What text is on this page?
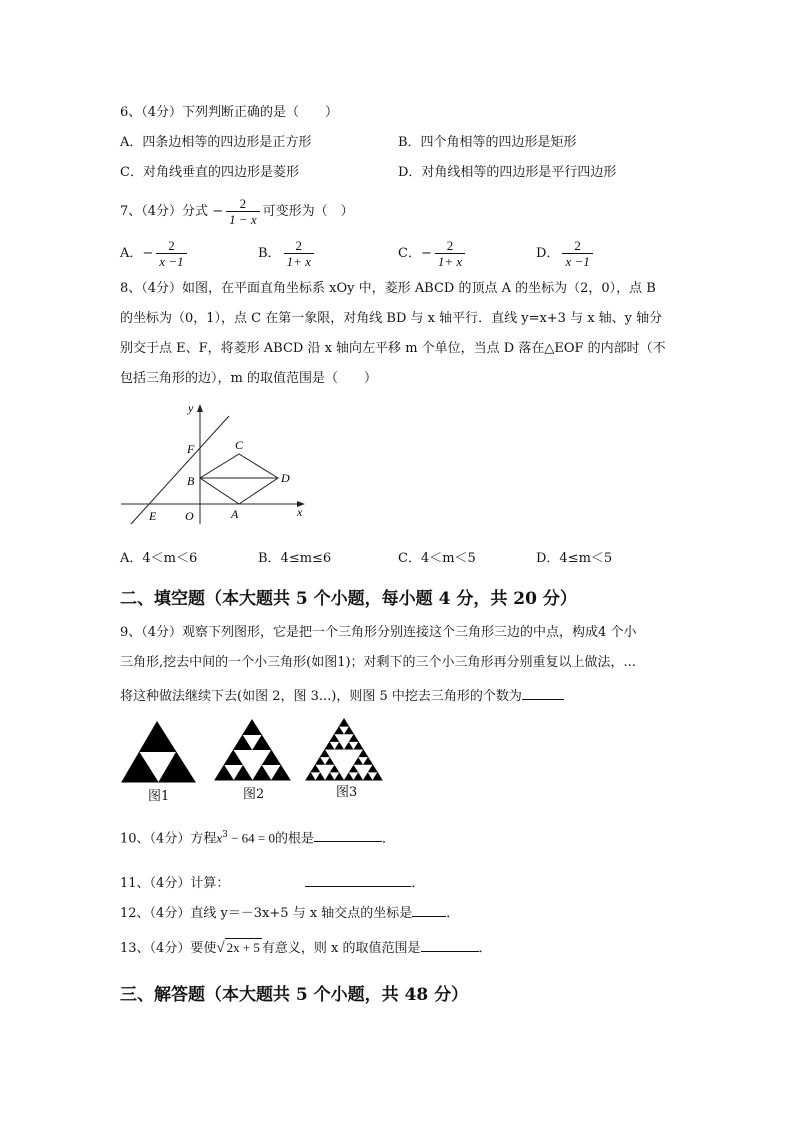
6、（4分）下列判断正确的是（　　）
A．四条边相等的四边形是正方形	B．四个角相等的四边形是矩形
C．对角线垂直的四边形是菱形	D．对角线相等的四边形是平行四边形
7、（4分）分式 − $\frac{2}{1 - x}$ 可变形为（　）
A．− $\frac{2}{x -1}$	B． $\frac{2}{1+ x}$	C．− $\frac{2}{1+ x}$	D． $\frac{2}{x -1}$
8、（4分）如图，在平面直角坐标系 xOy 中，菱形 ABCD 的顶点 A 的坐标为（2，0），点 B
的坐标为（0，1），点 C 在第一象限，对角线 BD 与 x 轴平行．直线 y=x+3 与 x 轴、y 轴分
别交于点 E、F，将菱形 ABCD 沿 x 轴向左平移 m 个单位，当点 D 落在△EOF 的内部时（不
包括三角形的边），m 的取值范围是（　　）
y
x
F	C
B	D
E O	A
A．4＜m＜6	B．4≤m≤6	C．4＜m＜5	D．4≤m＜5
二、填空题（本大题共 5 个小题，每小题 4 分，共 20 分）
9、（4分）观察下列图形，它是把一个三角形分别连接这个三角形三边的中点，构成4 个小
三角形,挖去中间的一个小三角形(如图1)；对剩下的三个小三角形再分别重复以上做法，...
将这种做法继续下去(如图 2，图 3...)，则图 5 中挖去三角形的个数为
图1	图2	图3
10、（4分）方程$x^3 - 64 = 0$的根是	．
11、（4分）计算：	．
12、（4分）直线 y＝－3x+5 与 x 轴交点的坐标是	．
13、（4分）要使√ 2x + 5 有意义，则 x 的取值范围是	．
三、解答题（本大题共 5 个小题，共 48 分）
